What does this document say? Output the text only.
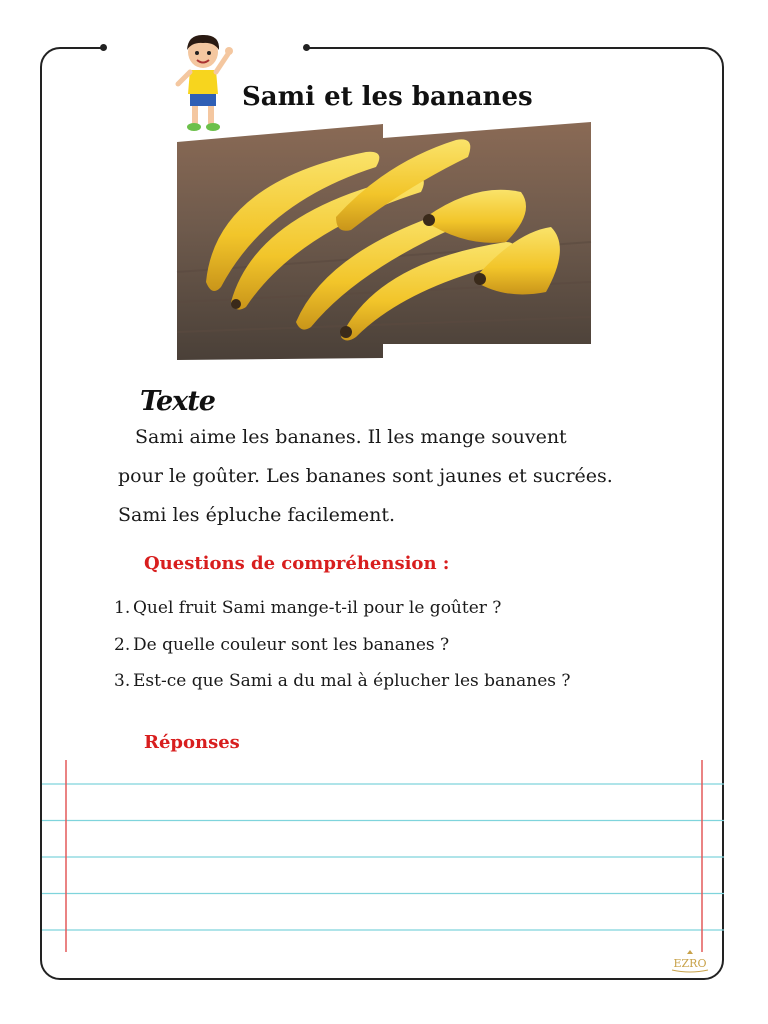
Sami et les bananes
Texte
Sami aime les bananes. Il les mange souvent
pour le goûter. Les bananes sont jaunes et sucrées.
Sami les épluche facilement.
Questions de compréhension :
1. Quel fruit Sami mange-t-il pour le goûter ?
2. De quelle couleur sont les bananes ?
3. Est-ce que Sami a du mal à éplucher les bananes ?
Réponses
EZRO
